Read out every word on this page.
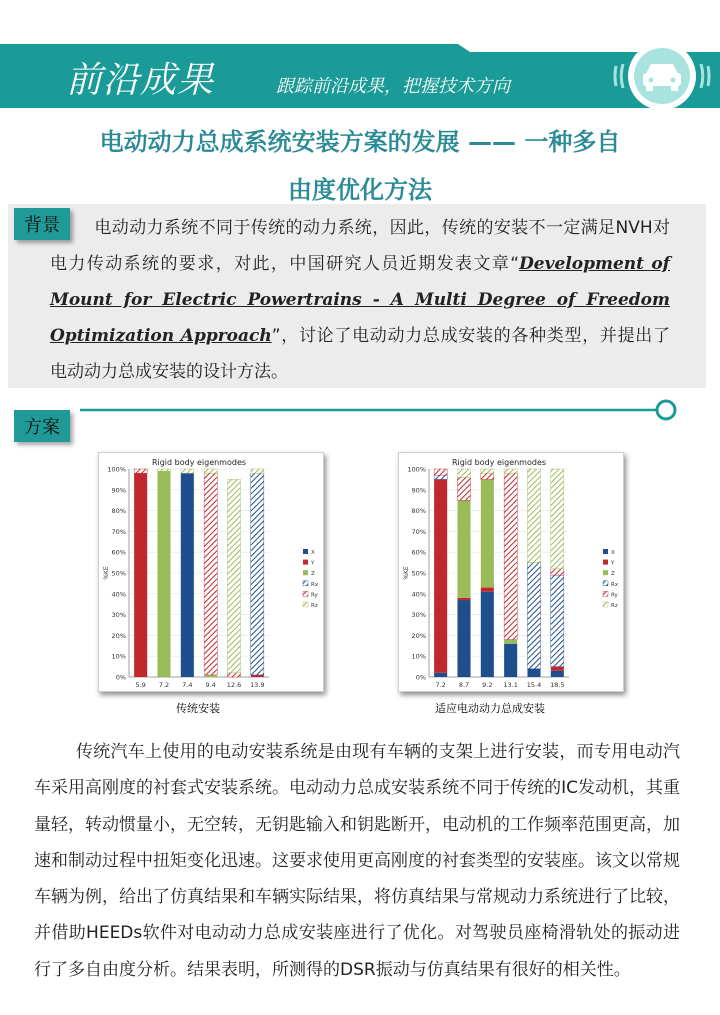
前沿成果	跟踪前沿成果，把握技术方向
电动动力总成系统安装方案的发展 —— 一种多自
由度优化方法
背景	电动动力系统不同于传统的动力系统，因此，传统的安装不一定满足NVH对电力传动系统的要求，对此，中国研究人员近期发表文章“Development of Mount for Electric Powertrains - A Multi Degree of Freedom Optimization Approach”，讨论了电动动力总成安装的各种类型，并提出了电动动力总成安装的设计方法。
方案
Rigid body eigenmodes
0%
10%
20%
30%
40%
50%
60%
70%
80%
90%
100%
%KE
5.9 7.2 7.4 9.4 12.6 13.9
X
Y
Z
Rx
Ry
Rz
传统安装
Rigid body eigenmodes
0%
10%
20%
30%
40%
50%
60%
70%
80%
90%
100%
%KE
7.2 8.7 9.2 13.1 15.4 18.5
X
Y
Z
Rx
Ry
Rz
适应电动动力总成安装
传统汽车上使用的电动安装系统是由现有车辆的支架上进行安装，而专用电动汽车采用高刚度的衬套式安装系统。电动动力总成安装系统不同于传统的IC发动机，其重量轻，转动惯量小，无空转，无钥匙输入和钥匙断开，电动机的工作频率范围更高，加速和制动过程中扭矩变化迅速。这要求使用更高刚度的衬套类型的安装座。该文以常规车辆为例，给出了仿真结果和车辆实际结果，将仿真结果与常规动力系统进行了比较，并借助HEEDs软件对电动动力总成安装座进行了优化。对驾驶员座椅滑轨处的振动进行了多自由度分析。结果表明，所测得的DSR振动与仿真结果有很好的相关性。
